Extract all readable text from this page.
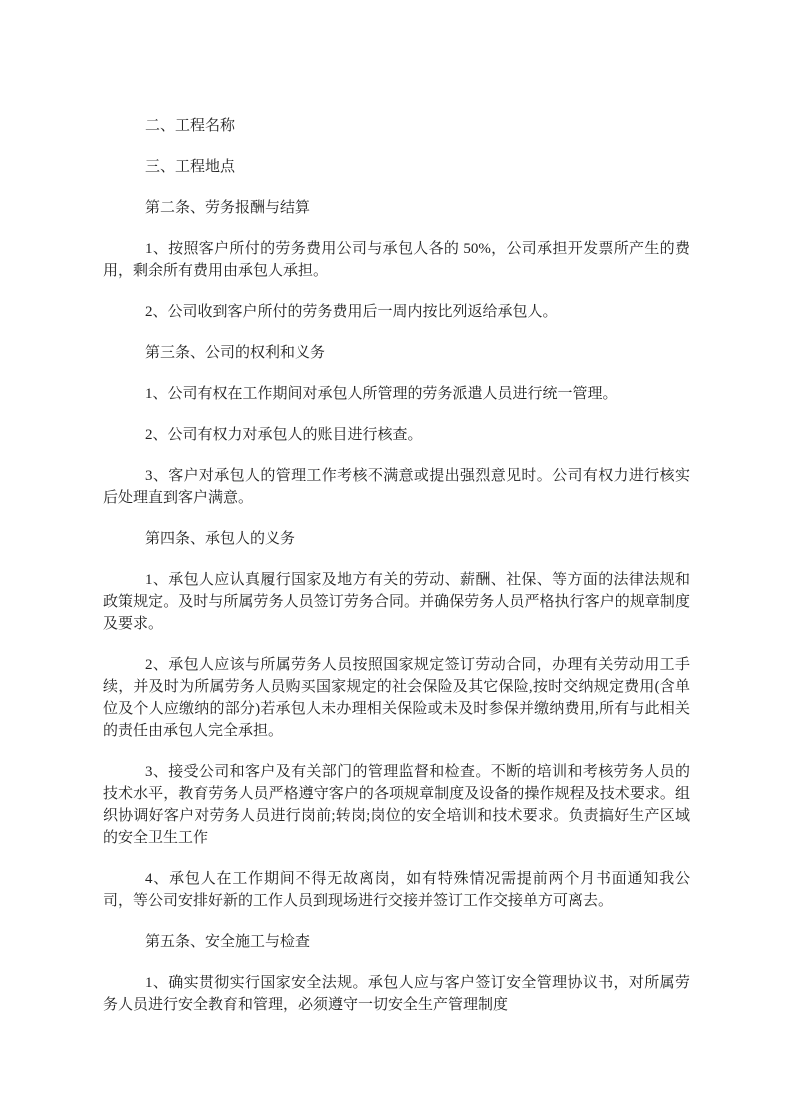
二、工程名称

三、工程地点

第二条、劳务报酬与结算

1、按照客户所付的劳务费用公司与承包人各的 50%，公司承担开发票所产生的费用，剩余所有费用由承包人承担。

2、公司收到客户所付的劳务费用后一周内按比列返给承包人。

第三条、公司的权利和义务

1、公司有权在工作期间对承包人所管理的劳务派遣人员进行统一管理。

2、公司有权力对承包人的账目进行核查。

3、客户对承包人的管理工作考核不满意或提出强烈意见时。公司有权力进行核实后处理直到客户满意。

第四条、承包人的义务

1、承包人应认真履行国家及地方有关的劳动、薪酬、社保、等方面的法律法规和政策规定。及时与所属劳务人员签订劳务合同。并确保劳务人员严格执行客户的规章制度及要求。

2、承包人应该与所属劳务人员按照国家规定签订劳动合同，办理有关劳动用工手续，并及时为所属劳务人员购买国家规定的社会保险及其它保险,按时交纳规定费用(含单位及个人应缴纳的部分)若承包人未办理相关保险或未及时参保并缴纳费用,所有与此相关的责任由承包人完全承担。

3、接受公司和客户及有关部门的管理监督和检查。不断的培训和考核劳务人员的技术水平，教育劳务人员严格遵守客户的各项规章制度及设备的操作规程及技术要求。组织协调好客户对劳务人员进行岗前;转岗;岗位的安全培训和技术要求。负责搞好生产区域的安全卫生工作

4、承包人在工作期间不得无故离岗，如有特殊情况需提前两个月书面通知我公司，等公司安排好新的工作人员到现场进行交接并签订工作交接单方可离去。

第五条、安全施工与检查

1、确实贯彻实行国家安全法规。承包人应与客户签订安全管理协议书，对所属劳务人员进行安全教育和管理，必须遵守一切安全生产管理制度
